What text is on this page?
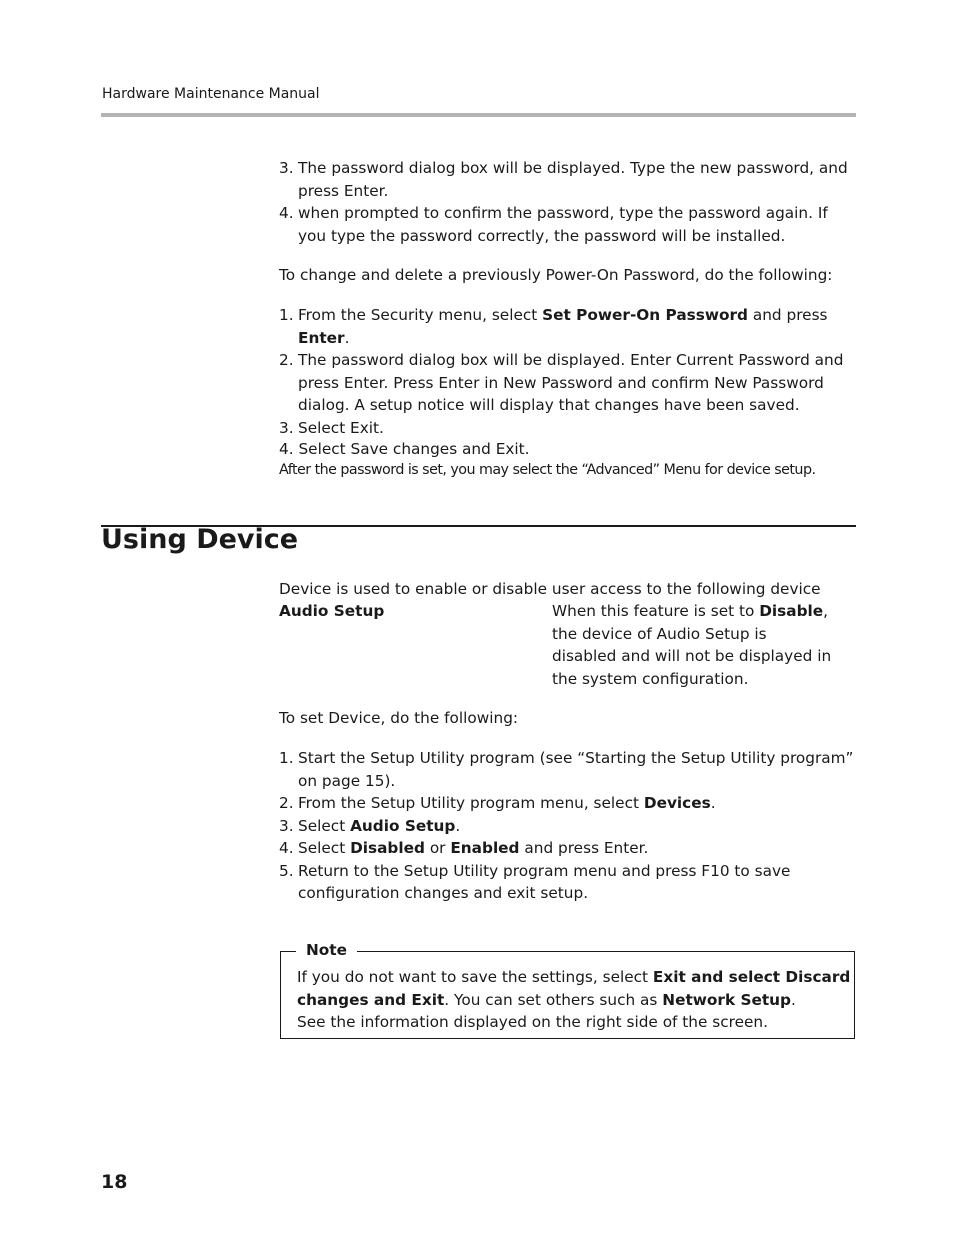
Hardware Maintenance Manual
3. The password dialog box will be displayed. Type the new password, and
press Enter.
4. when prompted to confirm the password, type the password again. If
you type the password correctly, the password will be installed.
To change and delete a previously Power-On Password, do the following:
1. From the Security menu, select Set Power-On Password and press
Enter.
2. The password dialog box will be displayed. Enter Current Password and
press Enter. Press Enter in New Password and confirm New Password
dialog. A setup notice will display that changes have been saved.
3. Select Exit.
4. Select Save changes and Exit.
After the password is set, you may select the “Advanced” Menu for device setup.
Using Device
Device is used to enable or disable user access to the following device
Audio Setup	When this feature is set to Disable,
the device of Audio Setup is
disabled and will not be displayed in
the system configuration.
To set Device, do the following:
1. Start the Setup Utility program (see “Starting the Setup Utility program”
on page 15).
2. From the Setup Utility program menu, select Devices.
3. Select Audio Setup.
4. Select Disabled or Enabled and press Enter.
5. Return to the Setup Utility program menu and press F10 to save
configuration changes and exit setup.
Note
If you do not want to save the settings, select Exit and select Discard
changes and Exit. You can set others such as Network Setup.
See the information displayed on the right side of the screen.
18
